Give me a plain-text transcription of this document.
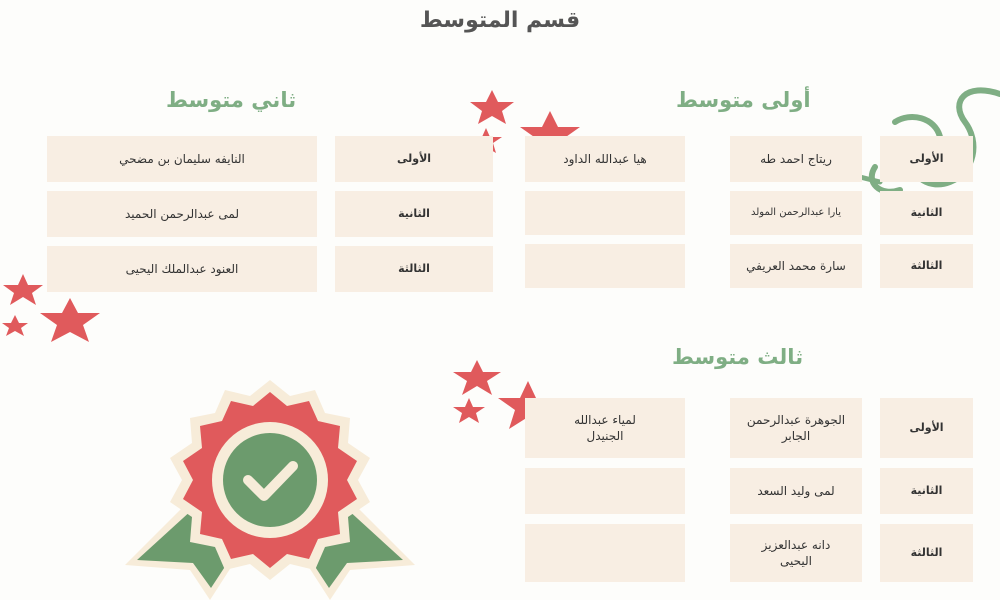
قسم المتوسط
أولى متوسط
الأولى
ريتاج احمد طه
هيا عبدالله الداود
الثانية
يارا عبدالرحمن المولد
الثالثة
سارة محمد العريفي
ثاني متوسط
الأولى
النايفه سليمان بن مضحي
الثانية
لمى عبدالرحمن الحميد
الثالثة
العنود عبدالملك اليحيى
ثالث متوسط
الأولى
الجوهرة عبدالرحمن الجابر
لمياء عبدالله الجنيدل
الثانية
لمى وليد السعد
الثالثة
دانه عبدالعزيز اليحيى
